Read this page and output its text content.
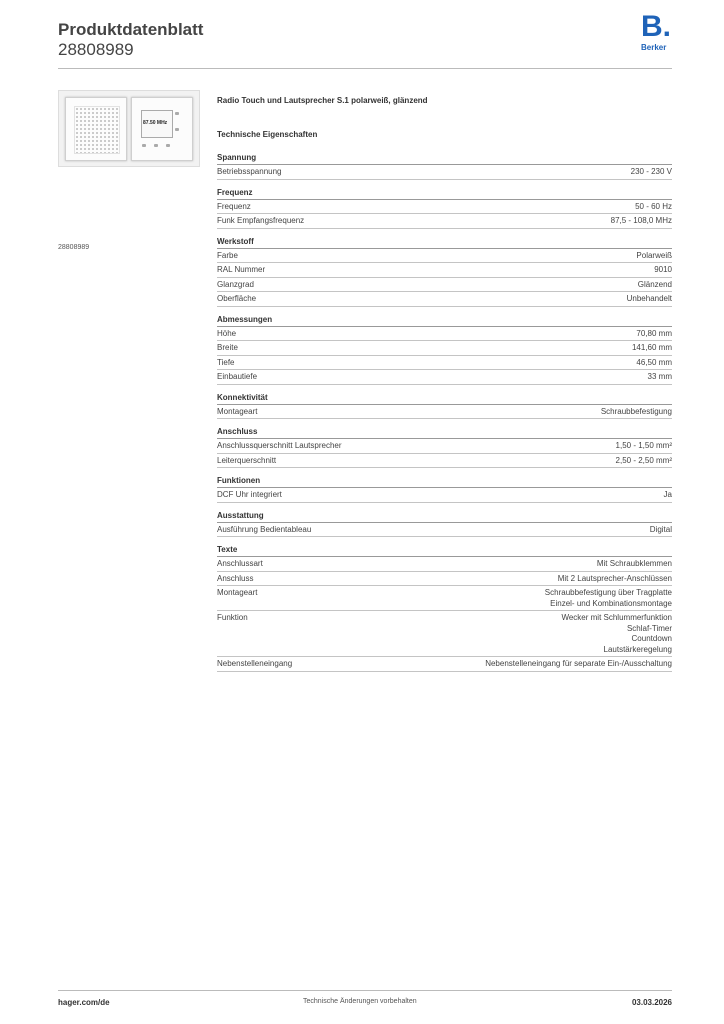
Produktdatenblatt
28808989
B.
Berker
87.50 MHz
28808989
Radio Touch und Lautsprecher S.1 polarweiß, glänzend
Technische Eigenschaften
Spannung
Betriebsspannung	230 - 230 V
Frequenz
Frequenz	50 - 60 Hz
Funk Empfangsfrequenz	87,5 - 108,0 MHz
Werkstoff
Farbe	Polarweiß
RAL Nummer	9010
Glanzgrad	Glänzend
Oberfläche	Unbehandelt
Abmessungen
Höhe	70,80 mm
Breite	141,60 mm
Tiefe	46,50 mm
Einbautiefe	33 mm
Konnektivität
Montageart	Schraubbefestigung
Anschluss
Anschlussquerschnitt Lautsprecher	1,50 - 1,50 mm²
Leiterquerschnitt	2,50 - 2,50 mm²
Funktionen
DCF Uhr integriert	Ja
Ausstattung
Ausführung Bedientableau	Digital
Texte
Anschlussart	Mit Schraubklemmen
Anschluss	Mit 2 Lautsprecher-Anschlüssen
Montageart	Schraubbefestigung über Tragplatte
Einzel- und Kombinationsmontage
Funktion	Wecker mit Schlummerfunktion
Schlaf-Timer
Countdown
Lautstärkeregelung
Nebenstelleneingang	Nebenstelleneingang für separate Ein-/Ausschaltung
hager.com/de	Technische Änderungen vorbehalten	03.03.2026
